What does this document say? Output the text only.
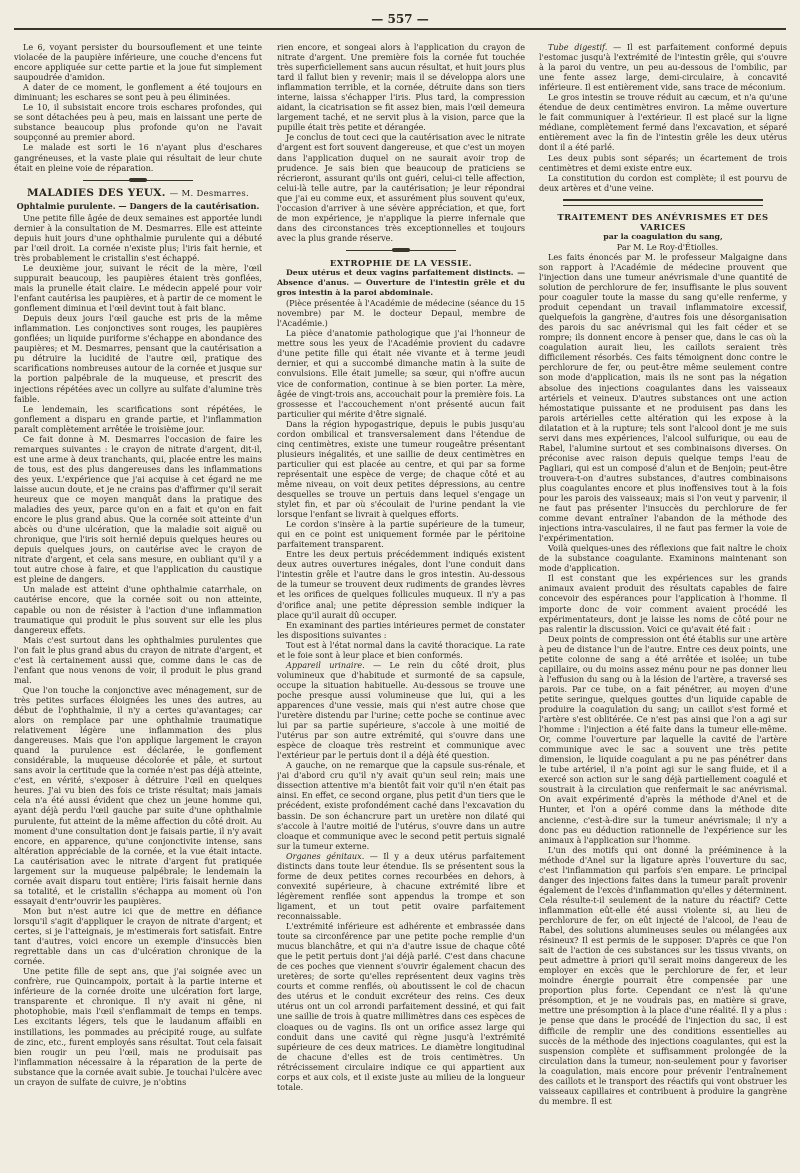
— 557 —

Le 6, voyant persister du boursouflement et une teinte violacée de la paupière inférieure, une couche d'encens fut encore appliquée sur cette partie et la joue fut simplement saupoudrée d'amidon.

A dater de ce moment, le gonflement a été toujours en diminuant; les eschares se sont peu à peu éliminées.

Le 10, il subsistait encore trois eschares profondes, qui se sont détachées peu à peu, mais en laissant une perte de substance beaucoup plus profonde qu'on ne l'avait soupçonné au premier abord.

Le malade est sorti le 16 n'ayant plus d'eschares gangréneuses, et la vaste plaie qui résultait de leur chute était en pleine voie de réparation.

MALADIES DES YEUX. — M. Desmarres.
Ophtalmie purulente. — Dangers de la cautérisation.

Une petite fille âgée de deux semaines est apportée lundi dernier à la consultation de M. Desmarres. Elle est atteinte depuis huit jours d'une ophthalmie purulente qui a débuté par l'œil droit. La cornée n'existe plus; l'iris fait hernie, et très probablement le cristallin s'est échappé.

Le deuxième jour, suivant le récit de la mère, l'œil suppurait beaucoup, les paupières étaient très gonflées, mais la prunelle était claire. Le médecin appelé pour voir l'enfant cautérisa les paupières, et à partir de ce moment le gonflement diminua et l'œil devint tout à fait blanc.

Depuis deux jours l'œil gauche est pris de la même inflammation. Les conjonctives sont rouges, les paupières gonflées; un liquide puriforme s'échappe en abondance des paupières; et M. Desmarres, pensant que la cautérisation a pu détruire la lucidité de l'autre œil, pratique des scarifications nombreuses autour de la cornée et jusque sur la portion palpébrale de la muqueuse, et prescrit des injections répétées avec un collyre au sulfate d'alumine très faible.

Le lendemain, les scarifications sont répétées, le gonflement a disparu en grande partie, et l'inflammation paraît complètement arrêtée le troisième jour.

Ce fait donne à M. Desmarres l'occasion de faire les remarques suivantes : le crayon de nitrate d'argent, dit-il, est une arme à deux tranchants, qui, placée entre les mains de tous, est des plus dangereuses dans les inflammations des yeux. L'expérience que j'ai acquise à cet égard ne me laisse aucun doute, et je ne crains pas d'affirmer qu'il serait heureux que ce moyen manquât dans la pratique des maladies des yeux, parce qu'on en a fait et qu'on en fait encore le plus grand abus. Que la cornée soit atteinte d'un abcès ou d'une ulcération, que la maladie soit aiguë ou chronique, que l'iris soit hernié depuis quelques heures ou depuis quelques jours, on cautérise avec le crayon de nitrate d'argent, et cela sans mesure, en oubliant qu'il y a tout autre chose à faire, et que l'application du caustique est pleine de dangers.

Un malade est atteint d'une ophthalmie catarrhale, on cautérise encore, que la cornée soit ou non atteinte, capable ou non de résister à l'action d'une inflammation traumatique qui produit le plus souvent sur elle les plus dangereux effets.

Mais c'est surtout dans les ophthalmies purulentes que l'on fait le plus grand abus du crayon de nitrate d'argent, et c'est là certainement aussi que, comme dans le cas de l'enfant que nous venons de voir, il produit le plus grand mal.

Que l'on touche la conjonctive avec ménagement, sur de très petites surfaces éloignées les unes des autres, au début de l'ophthalmie, il n'y a certes qu'avantages; car alors on remplace par une ophthalmie traumatique relativement légère une inflammation des plus dangereuses. Mais que l'on applique largement le crayon quand la purulence est déclarée, le gonflement considérable, la muqueuse décolorée et pâle, et surtout sans avoir la certitude que la cornée n'est pas déjà atteinte, c'est, en vérité, s'exposer à détruire l'œil en quelques heures. J'ai vu bien des fois ce triste résultat; mais jamais cela n'a été aussi évident que chez un jeune homme qui, ayant déjà perdu l'œil gauche par suite d'une ophthalmie purulente, fut atteint de la même affection du côté droit. Au moment d'une consultation dont je faisais partie, il n'y avait encore, en apparence, qu'une conjonctivite intense, sans altération appréciable de la cornée, et la vue était intacte. La cautérisation avec le nitrate d'argent fut pratiquée largement sur la muqueuse palpébrale; le lendemain la cornée avait disparu tout entière; l'iris faisait hernie dans sa totalité, et le cristallin s'échappa au moment où l'on essayait d'entr'ouvrir les paupières.

Mon but n'est autre ici que de mettre en défiance lorsqu'il s'agit d'appliquer le crayon de nitrate d'argent; et certes, si je l'atteignais, je m'estimerais fort satisfait. Entre tant d'autres, voici encore un exemple d'insuccès bien regrettable dans un cas d'ulcération chronique de la cornée.

Une petite fille de sept ans, que j'ai soignée avec un confrère, rue Quincampoix, portait à la partie interne et inférieure de la cornée droite une ulcération fort large, transparente et chronique. Il n'y avait ni gêne, ni photophobie, mais l'œil s'enflammait de temps en temps. Les excitants légers, tels que le laudanum affaibli en instillations, les pommades au précipité rouge, au sulfate de zinc, etc., furent employés sans résultat. Tout cela faisait bien rougir un peu l'œil, mais ne produisait pas l'inflammation nécessaire à la réparation de la perte de substance que la cornée avait subie. Je touchai l'ulcère avec un crayon de sulfate de cuivre, je n'obtins

rien encore, et songeai alors à l'application du crayon de nitrate d'argent. Une première fois la cornée fut touchée très superficiellement sans aucun résultat, et huit jours plus tard il fallut bien y revenir; mais il se développa alors une inflammation terrible, et la cornée, détruite dans son tiers interne, laissa s'échapper l'iris. Plus tard, la compression aidant, la cicatrisation se fit assez bien, mais l'œil demeura largement taché, et ne servit plus à la vision, parce que la pupille était très petite et dérangée.

Je conclus de tout ceci que la cautérisation avec le nitrate d'argent est fort souvent dangereuse, et que c'est un moyen dans l'application duquel on ne saurait avoir trop de prudence. Je sais bien que beaucoup de praticiens se récrieront, assurant qu'ils ont guéri, celui-ci telle affection, celui-là telle autre, par la cautérisation; je leur répondrai que j'ai eu comme eux, et assurément plus souvent qu'eux, l'occasion d'arriver à une sévère appréciation, et que, fort de mon expérience, je n'applique la pierre infernale que dans des circonstances très exceptionnelles et toujours avec la plus grande réserve.

EXTROPHIE DE LA VESSIE.

Deux utérus et deux vagins parfaitement distincts. — Absence d'anus. — Ouverture de l'intestin grêle et du gros intestin à la paroi abdominale.

(Pièce présentée à l'Académie de médecine (séance du 15 novembre) par M. le docteur Depaul, membre de l'Académie.)

La pièce d'anatomie pathologique que j'ai l'honneur de mettre sous les yeux de l'Académie provient du cadavre d'une petite fille qui était née vivante et à terme jeudi dernier, et qui a succombé dimanche matin à la suite de convulsions. Elle était jumelle; sa sœur, qui n'offre aucun vice de conformation, continue à se bien porter. La mère, âgée de vingt-trois ans, accouchait pour la première fois. La grossesse et l'accouchement n'ont présenté aucun fait particulier qui mérite d'être signalé.

Dans la région hypogastrique, depuis le pubis jusqu'au cordon ombilical et transversalement dans l'étendue de cinq centimètres, existe une tumeur rougeâtre présentant plusieurs inégalités, et une saillie de deux centimètres en particulier qui est placée au centre, et qui par sa forme représentait une espèce de verge; de chaque côté et au même niveau, on voit deux petites dépressions, au centre desquelles se trouve un pertuis dans lequel s'engage un stylet fin, et par où s'écoulait de l'urine pendant la vie lorsque l'enfant se livrait à quelques efforts.

Le cordon s'insère à la partie supérieure de la tumeur, qui en ce point est uniquement formée par le péritoine parfaitement transparent.

Entre les deux pertuis précédemment indiqués existent deux autres ouvertures inégales, dont l'une conduit dans l'intestin grêle et l'autre dans le gros intestin. Au-dessous de la tumeur se trouvent deux rudiments de grandes lèvres et les orifices de quelques follicules muqueux. Il n'y a pas d'orifice anal; une petite dépression semble indiquer la place qu'il aurait dû occuper.

En examinant des parties intérieures permet de constater les dispositions suivantes :

Tout est à l'état normal dans la cavité thoracique. La rate et le foie sont à leur place et bien conformés.

Appareil urinaire. — Le rein du côté droit, plus volumineux que d'habitude et surmonté de sa capsule, occupe la situation habituelle. Au-dessous se trouve une poche presque aussi volumineuse que lui, qui a les apparences d'une vessie, mais qui n'est autre chose que l'uretère distendu par l'urine; cette poche se continue avec lui par sa partie supérieure, s'accole à une moitié de l'utérus par son autre extrémité, qui s'ouvre dans une espèce de cloaque très restreint et communique avec l'extérieur par le pertuis dont il a déjà été question.

A gauche, on ne remarque que la capsule sus-rénale, et j'ai d'abord cru qu'il n'y avait qu'un seul rein; mais une dissection attentive m'a bientôt fait voir qu'il n'en était pas ainsi. En effet, ce second organe, plus petit d'un tiers que le précédent, existe profondément caché dans l'excavation du bassin. De son échancrure part un uretère non dilaté qui s'accole à l'autre moitié de l'utérus, s'ouvre dans un autre cloaque et communique avec le second petit pertuis signalé sur la tumeur externe.

Organes génitaux. — Il y a deux utérus parfaitement distincts dans toute leur étendue. Ils se présentent sous la forme de deux petites cornes recourbées en dehors, à convexité supérieure, à chacune extrémité libre et légèrement renflée sont appendus la trompe et son ligament, et un tout petit ovaire parfaitement reconnaissable.

L'extrémité inférieure est adhérente et embrassée dans toute sa circonférence par une petite poche remplie d'un mucus blanchâtre, et qui n'a d'autre issue de chaque côté que le petit pertuis dont j'ai déjà parlé. C'est dans chacune de ces poches que viennent s'ouvrir également chacun des uretères; de sorte qu'elles représentent deux vagins très courts et comme renflés, où aboutissent le col de chacun des utérus et le conduit excréteur des reins. Ces deux utérus ont un col arrondi parfaitement dessiné, et qui fait une saillie de trois à quatre millimètres dans ces espèces de cloaques ou de vagins. Ils ont un orifice assez large qui conduit dans une cavité qui règne jusqu'à l'extrémité supérieure de ces deux matrices. Le diamètre longitudinal de chacune d'elles est de trois centimètres. Un rétrécissement circulaire indique ce qui appartient aux corps et aux cols, et il existe juste au milieu de la longueur totale.

Tube digestif. — Il est parfaitement conformé depuis l'estomac jusqu'à l'extrémité de l'intestin grêle, qui s'ouvre à la paroi du ventre, un peu au-dessous de l'ombilic, par une fente assez large, demi-circulaire, à concavité inférieure. Il est entièrement vide, sans trace de méconium.

Le gros intestin se trouve réduit au cæcum, et n'a qu'une étendue de deux centimètres environ. La même ouverture le fait communiquer à l'extérieur. Il est placé sur la ligne médiane, complètement fermé dans l'excavation, et séparé entièrement avec la fin de l'intestin grêle les deux utérus dont il a été parlé.

Les deux pubis sont séparés; un écartement de trois centimètres et demi existe entre eux.

La constitution du cordon est complète; il est pourvu de deux artères et d'une veine.

TRAITEMENT DES ANÉVRISMES ET DES VARICES

par la coagulation du sang,

Par M. Le Roy-d'Étiolles.

Les faits énoncés par M. le professeur Malgaigne dans son rapport à l'Académie de médecine prouvent que l'injection dans une tumeur anévrismale d'une quantité de solution de perchlorure de fer, insuffisante le plus souvent pour coaguler toute la masse du sang qu'elle renferme, y produit cependant un travail inflammatoire excessif, quelquefois la gangrène, d'autres fois une désorganisation des parois du sac anévrismal qui les fait céder et se rompre; ils donnent encore à penser que, dans le cas où la coagulation aurait lieu, les caillots seraient très difficilement résorbés. Ces faits témoignent donc contre le perchlorure de fer, ou peut-être même seulement contre son mode d'application, mais ils ne sont pas la négation absolue des injections coagulantes dans les vaisseaux artériels et veineux. D'autres substances ont une action hémostatique puissante et ne produisent pas dans les parois artérielles cette altération qui les expose à la dilatation et à la rupture; tels sont l'alcool dont je me suis servi dans mes expériences, l'alcool sulfurique, ou eau de Rabel, l'alumine surtout et ses combinaisons diverses. On préconise avec raison depuis quelque temps l'eau de Pagliari, qui est un composé d'alun et de Benjoin; peut-être trouvera-t-on d'autres substances, d'autres combinaisons plus coagulantes encore et plus inoffensives tout à la fois pour les parois des vaisseaux; mais si l'on veut y parvenir, il ne faut pas présenter l'insuccès du perchlorure de fer comme devant entraîner l'abandon de la méthode des injections intra-vasculaires, il ne faut pas fermer la voie de l'expérimentation.

Voilà quelques-unes des réflexions que fait naître le choix de la substance coagulante. Examinons maintenant son mode d'application.

Il est constant que les expériences sur les grands animaux avaient produit des résultats capables de faire concevoir des espérances pour l'application à l'homme. Il importe donc de voir comment avaient procédé les expérimentateurs, dont je laisse les noms de côté pour ne pas ralentir la discussion. Voici ce qu'avait été fait :

Deux points de compression ont été établis sur une artère à peu de distance l'un de l'autre. Entre ces deux points, une petite colonne de sang a été arrêtée et isolée; un tube capillaire, ou du moins assez ménu pour ne pas donner lieu à l'effusion du sang ou à la lésion de l'artère, a traversé ses parois. Par ce tube, on a fait pénétrer, au moyen d'une petite seringue, quelques gouttes d'un liquide capable de produire la coagulation du sang; un caillot s'est formé et l'artère s'est oblitérée. Ce n'est pas ainsi que l'on a agi sur l'homme : l'injection a été faite dans la tumeur elle-même. Or, comme l'ouverture par laquelle la cavité de l'artère communique avec le sac a souvent une très petite dimension, le liquide coagulant a pu ne pas pénétrer dans le tube artériel, il n'a point agi sur le sang fluide, et il a exercé son action sur le sang déjà partiellement coagulé et soustrait à la circulation que renfermait le sac anévrismal. On avait expérimenté d'après la méthode d'Anel et de Hunter, et l'on a opéré comme dans la méthode dite ancienne, c'est-à-dire sur la tumeur anévrismale; il n'y a donc pas eu déduction rationnelle de l'expérience sur les animaux à l'application sur l'homme.

L'un des motifs qui ont donné la prééminence à la méthode d'Anel sur la ligature après l'ouverture du sac, c'est l'inflammation qui parfois s'en empare. Le principal danger des injections faites dans la tumeur paraît provenir également de l'excès d'inflammation qu'elles y déterminent. Cela résulte-t-il seulement de la nature du réactif? Cette inflammation eût-elle été aussi violente si, au lieu de perchlorure de fer, on eût injecté de l'alcool, de l'eau de Rabel, des solutions alumineuses seules ou mélangées aux résineux? Il est permis de le supposer. D'après ce que l'on sait de l'action de ces substances sur les tissus vivants, on peut admettre à priori qu'il serait moins dangereux de les employer en excès que le perchlorure de fer, et leur moindre énergie pourrait être compensée par une proportion plus forte. Cependant ce n'est là qu'une présomption, et je ne voudrais pas, en matière si grave, mettre une présomption à la place d'une réalité. Il y a plus : je pense que dans le procédé de l'injection du sac, il est difficile de remplir une des conditions essentielles au succès de la méthode des injections coagulantes, qui est la suspension complète et suffisamment prolongée de la circulation dans la tumeur, non-seulement pour y favoriser la coagulation, mais encore pour prévenir l'entraînement des caillots et le transport des réactifs qui vont obstruer les vaisseaux capillaires et contribuent à produire la gangrène du membre. Il est
